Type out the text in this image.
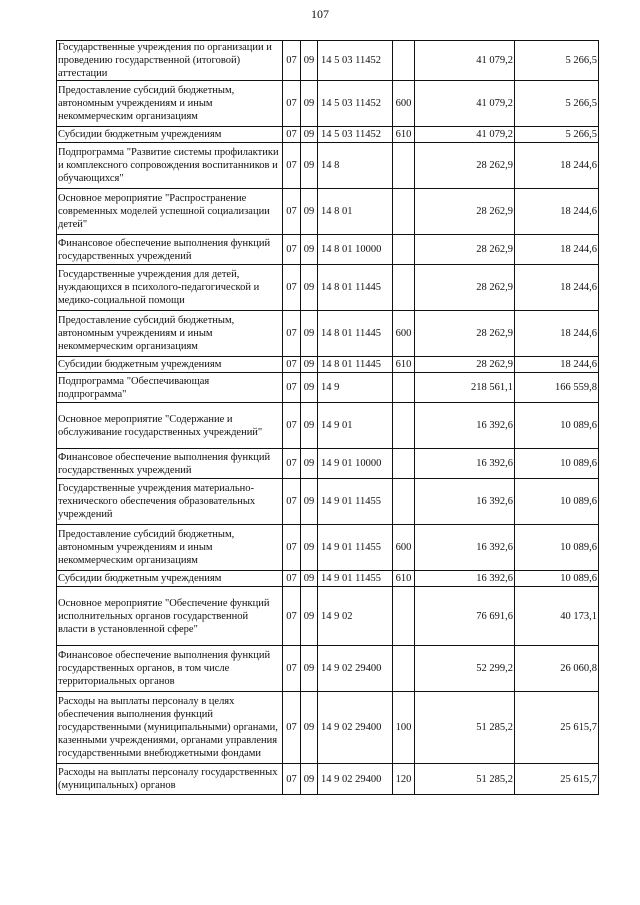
107
Государственные учреждения по организации и проведению государственной (итоговой) аттестации	07	09	14 5 03 11452		41 079,2	5 266,5
Предоставление субсидий бюджетным, автономным учреждениям и иным некоммерческим организациям	07	09	14 5 03 11452	600	41 079,2	5 266,5
Субсидии бюджетным учреждениям	07	09	14 5 03 11452	610	41 079,2	5 266,5
Подпрограмма "Развитие системы профилактики и комплексного сопровождения воспитанников и обучающихся"	07	09	14 8		28 262,9	18 244,6
Основное мероприятие "Распространение современных моделей успешной социализации детей"	07	09	14 8 01		28 262,9	18 244,6
Финансовое обеспечение выполнения функций государственных учреждений	07	09	14 8 01 10000		28 262,9	18 244,6
Государственные учреждения для детей, нуждающихся в психолого-педагогической и медико-социальной помощи	07	09	14 8 01 11445		28 262,9	18 244,6
Предоставление субсидий бюджетным, автономным учреждениям и иным некоммерческим организациям	07	09	14 8 01 11445	600	28 262,9	18 244,6
Субсидии бюджетным учреждениям	07	09	14 8 01 11445	610	28 262,9	18 244,6
Подпрограмма "Обеспечивающая подпрограмма"	07	09	14 9		218 561,1	166 559,8
Основное мероприятие "Содержание и обслуживание государственных учреждений"	07	09	14 9 01		16 392,6	10 089,6
Финансовое обеспечение выполнения функций государственных учреждений	07	09	14 9 01 10000		16 392,6	10 089,6
Государственные учреждения материально-технического обеспечения образовательных учреждений	07	09	14 9 01 11455		16 392,6	10 089,6
Предоставление субсидий бюджетным, автономным учреждениям и иным некоммерческим организациям	07	09	14 9 01 11455	600	16 392,6	10 089,6
Субсидии бюджетным учреждениям	07	09	14 9 01 11455	610	16 392,6	10 089,6
Основное мероприятие "Обеспечение функций исполнительных органов государственной власти в установленной сфере"	07	09	14 9 02		76 691,6	40 173,1
Финансовое обеспечение выполнения функций государственных органов, в том числе территориальных органов	07	09	14 9 02 29400		52 299,2	26 060,8
Расходы на выплаты персоналу в целях обеспечения выполнения функций государственными (муниципальными) органами, казенными учреждениями, органами управления государственными внебюджетными фондами	07	09	14 9 02 29400	100	51 285,2	25 615,7
Расходы на выплаты персоналу государственных (муниципальных) органов	07	09	14 9 02 29400	120	51 285,2	25 615,7
